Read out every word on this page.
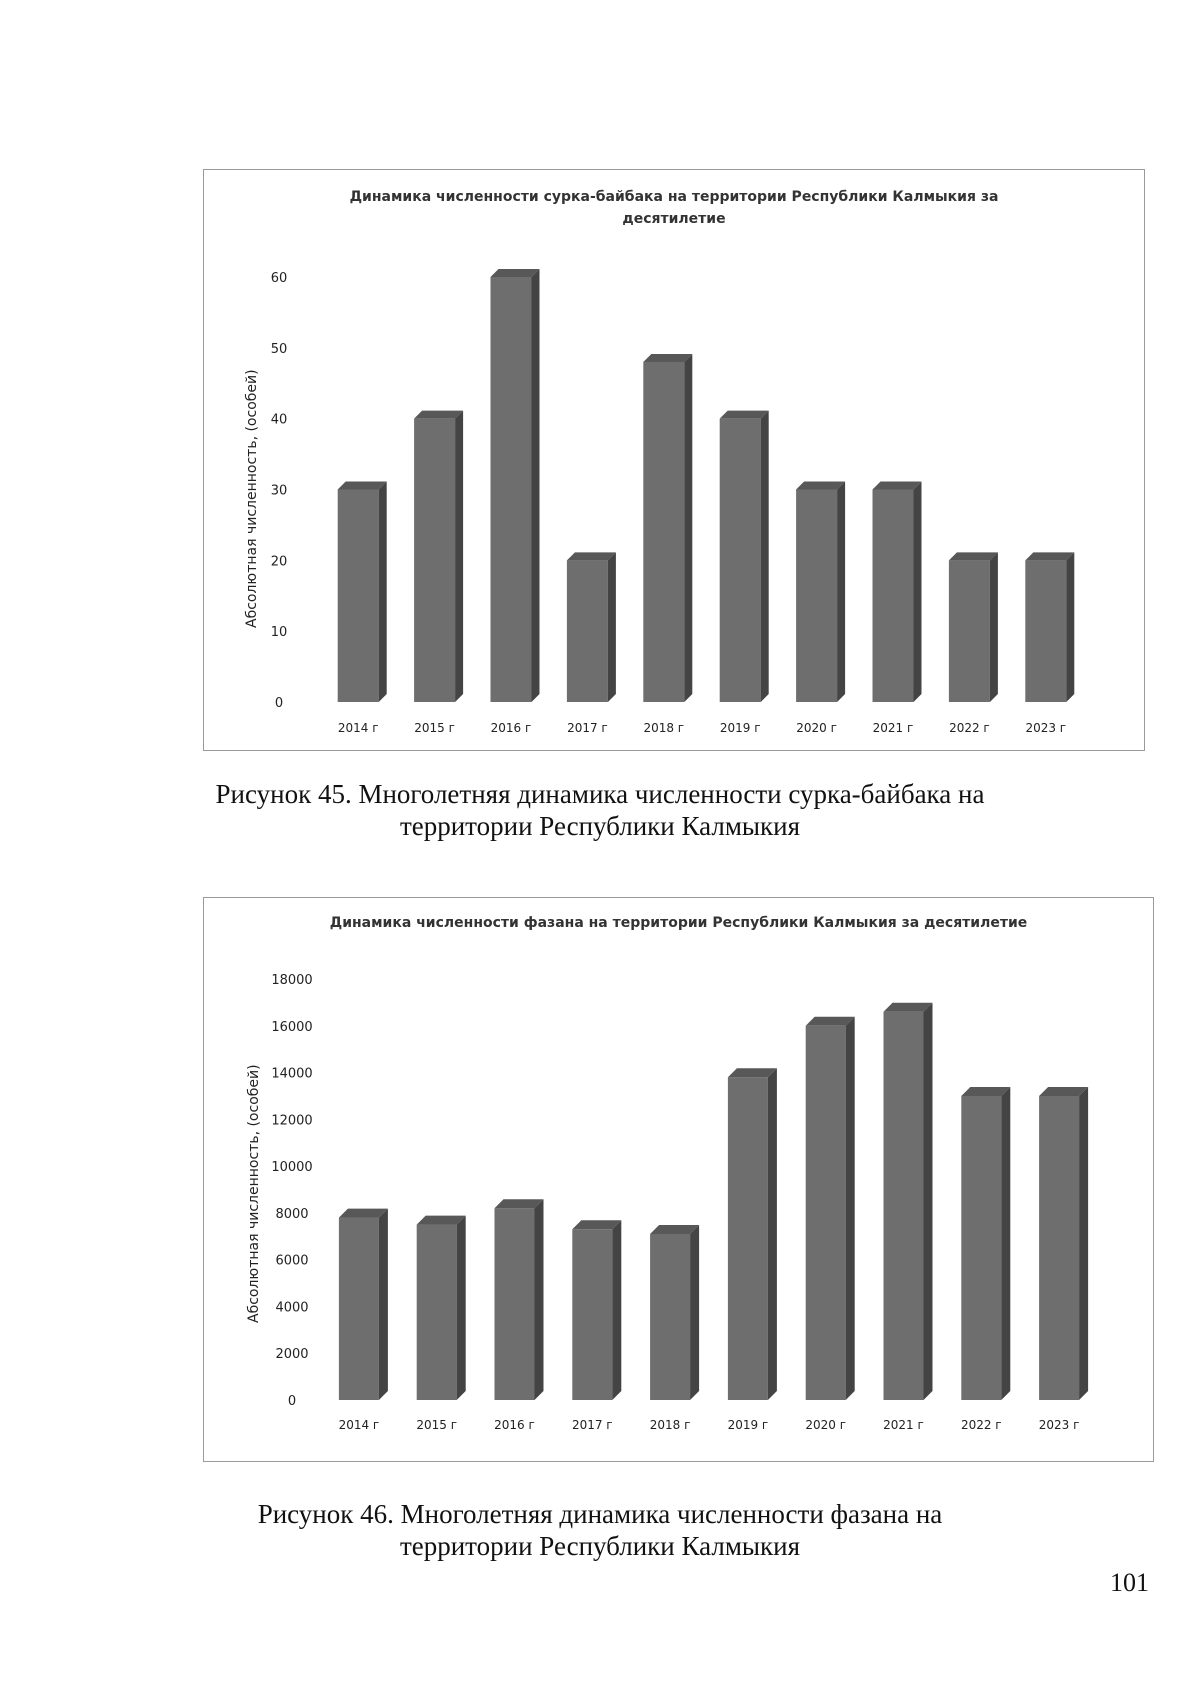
Динамика численности сурка-байбака на территории Республики Калмыкия за десятилетие
Абсолютная численность, (особей)
0
10
20
30
40
50
60
2014 г	2015 г	2016 г	2017 г	2018 г	2019 г	2020 г	2021 г	2022 г	2023 г
Рисунок 45. Многолетняя динамика численности сурка-байбака на территории Республики Калмыкия
Динамика численности фазана на территории Республики Калмыкия за десятилетие
Абсолютная численность, (особей)
0
2000
4000
6000
8000
10000
12000
14000
16000
18000
2014 г	2015 г	2016 г	2017 г	2018 г	2019 г	2020 г	2021 г	2022 г	2023 г
Рисунок 46. Многолетняя динамика численности фазана на территории Республики Калмыкия
101
